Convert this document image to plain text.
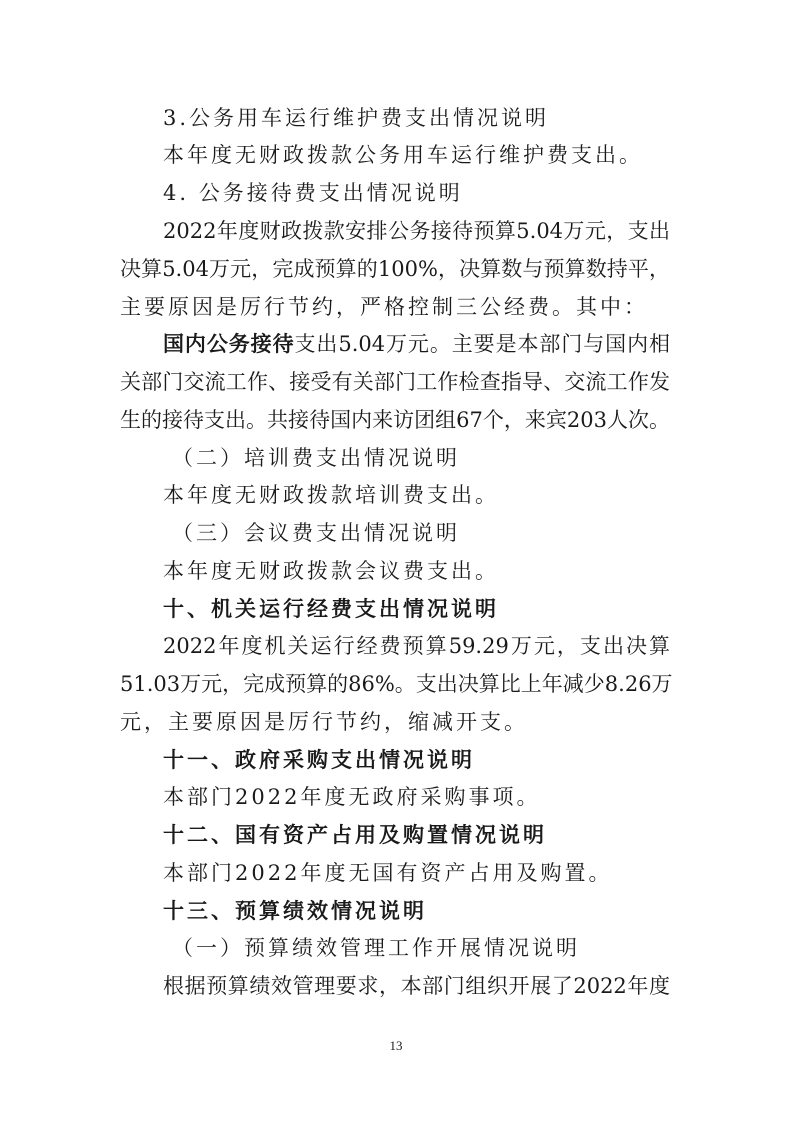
3.公务用车运行维护费支出情况说明
本年度无财政拨款公务用车运行维护费支出。
4. 公务接待费支出情况说明
2022年度财政拨款安排公务接待预算5.04万元，支出
决算5.04万元，完成预算的100%，决算数与预算数持平，
主要原因是厉行节约，严格控制三公经费。其中：
国内公务接待支出5.04万元。主要是本部门与国内相
关部门交流工作、接受有关部门工作检查指导、交流工作发
生的接待支出。共接待国内来访团组67个，来宾203人次。
（二）培训费支出情况说明
本年度无财政拨款培训费支出。
（三）会议费支出情况说明
本年度无财政拨款会议费支出。
十、机关运行经费支出情况说明
2022年度机关运行经费预算59.29万元，支出决算
51.03万元，完成预算的86%。支出决算比上年减少8.26万
元，主要原因是厉行节约，缩减开支。
十一、政府采购支出情况说明
本部门2022年度无政府采购事项。
十二、国有资产占用及购置情况说明
本部门2022年度无国有资产占用及购置。
十三、预算绩效情况说明
（一）预算绩效管理工作开展情况说明
根据预算绩效管理要求，本部门组织开展了2022年度
13
